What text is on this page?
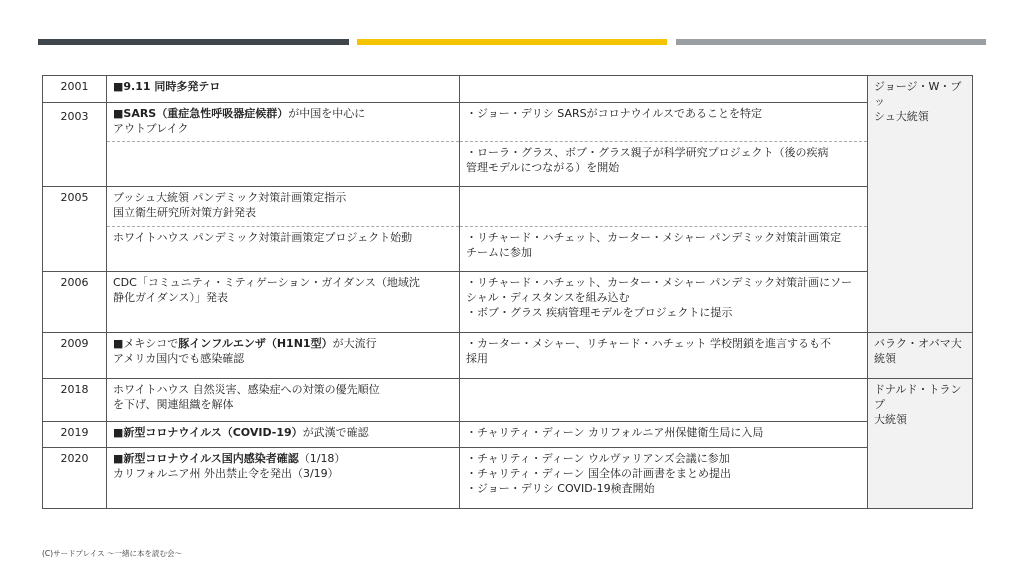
2001	■9.11 同時多発テロ		ジョージ・W・ブッ
シュ大統領
2003	■SARS（重症急性呼吸器症候群）が中国を中心に
アウトブレイク	・ジョー・デリシ SARSがコロナウイルスであることを特定	
		・ローラ・グラス、ボブ・グラス親子が科学研究プロジェクト（後の疾病
管理モデルにつながる）を開始	
2005	ブッシュ大統領 パンデミック対策計画策定指示
国立衛生研究所対策方針発表		
	ホワイトハウス パンデミック対策計画策定プロジェクト始動	・リチャード・ハチェット、カーター・メシャー パンデミック対策計画策定
チームに参加	
2006	CDC「コミュニティ・ミティゲーション・ガイダンス（地域沈
静化ガイダンス）」発表	・リチャード・ハチェット、カーター・メシャー パンデミック対策計画にソー
シャル・ディスタンスを組み込む
・ボブ・グラス 疾病管理モデルをプロジェクトに提示	
2009	■メキシコで豚インフルエンザ（H1N1型）が大流行
アメリカ国内でも感染確認	・カーター・メシャー、リチャード・ハチェット 学校閉鎖を進言するも不
採用	バラク・オバマ大
統領
2018	ホワイトハウス 自然災害、感染症への対策の優先順位
を下げ、関連組織を解体		ドナルド・トランプ
大統領
2019	■新型コロナウイルス（COVID-19）が武漢で確認	・チャリティ・ディーン カリフォルニア州保健衛生局に入局	
2020	■新型コロナウイルス国内感染者確認（1/18）
カリフォルニア州 外出禁止令を発出（3/19）	・チャリティ・ディーン ウルヴァリアンズ会議に参加
・チャリティ・ディーン 国全体の計画書をまとめ提出
・ジョー・デリシ COVID-19検査開始	
(C)サードプレイス ～一緒に本を読む会～
